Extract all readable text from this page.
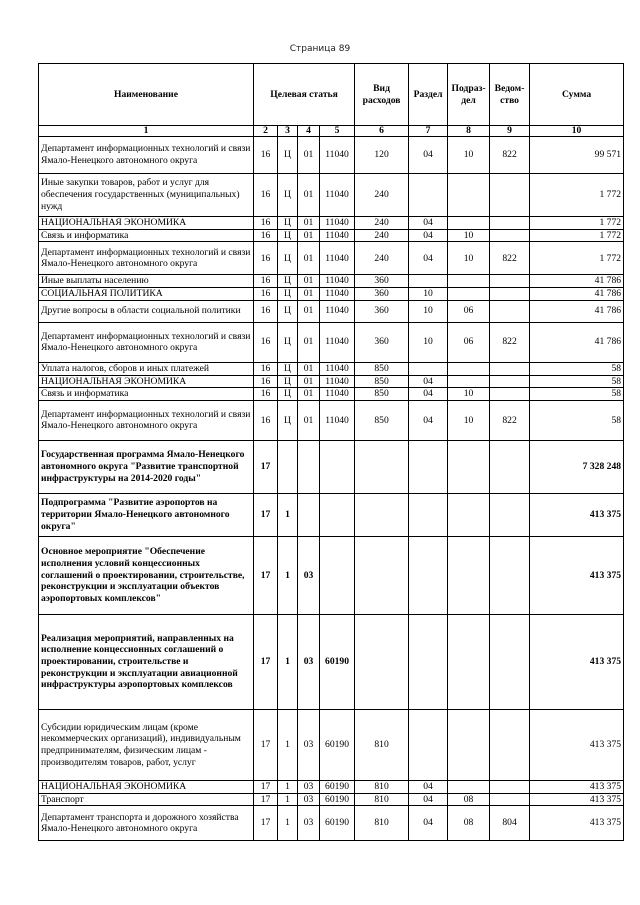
Страница 89
Наименование	Целевая статья				Вид расходов	Раздел	Подраз-дел	Ведом-ство	Сумма
1	2	3	4	5	6	7	8	9	10
Департамент информационных технологий и связи Ямало-Ненецкого автономного округа	16	Ц	01	11040	120	04	10	822	99 571
Иные закупки товаров, работ и услуг для обеспечения государственных (муниципальных) нужд	16	Ц	01	11040	240				1 772
НАЦИОНАЛЬНАЯ ЭКОНОМИКА	16	Ц	01	11040	240	04			1 772
Связь и информатика	16	Ц	01	11040	240	04	10		1 772
Департамент информационных технологий и связи Ямало-Ненецкого автономного округа	16	Ц	01	11040	240	04	10	822	1 772
Иные выплаты населению	16	Ц	01	11040	360				41 786
СОЦИАЛЬНАЯ ПОЛИТИКА	16	Ц	01	11040	360	10			41 786
Другие вопросы в области социальной политики	16	Ц	01	11040	360	10	06		41 786
Департамент информационных технологий и связи Ямало-Ненецкого автономного округа	16	Ц	01	11040	360	10	06	822	41 786
Уплата налогов, сборов и иных платежей	16	Ц	01	11040	850				58
НАЦИОНАЛЬНАЯ ЭКОНОМИКА	16	Ц	01	11040	850	04			58
Связь и информатика	16	Ц	01	11040	850	04	10		58
Департамент информационных технологий и связи Ямало-Ненецкого автономного округа	16	Ц	01	11040	850	04	10	822	58
Государственная программа Ямало-Ненецкого автономного округа "Развитие транспортной инфраструктуры на 2014-2020 годы"	17								7 328 248
Подпрограмма "Развитие аэропортов на территории Ямало-Ненецкого автономного округа"	17	1							413 375
Основное мероприятие "Обеспечение исполнения условий концессионных соглашений о проектировании, строительстве, реконструкции и эксплуатации объектов аэропортовых комплексов"	17	1	03						413 375
Реализация мероприятий, направленных на исполнение концессионных соглашений о проектировании, строительстве и реконструкции и эксплуатации авиационной инфраструктуры аэропортовых комплексов	17	1	03	60190					413 375
Субсидии юридическим лицам (кроме некоммерческих организаций), индивидуальным предпринимателям, физическим лицам - производителям товаров, работ, услуг	17	1	03	60190	810				413 375
НАЦИОНАЛЬНАЯ ЭКОНОМИКА	17	1	03	60190	810	04			413 375
Транспорт	17	1	03	60190	810	04	08		413 375
Департамент транспорта и дорожного хозяйства Ямало-Ненецкого автономного округа	17	1	03	60190	810	04	08	804	413 375
